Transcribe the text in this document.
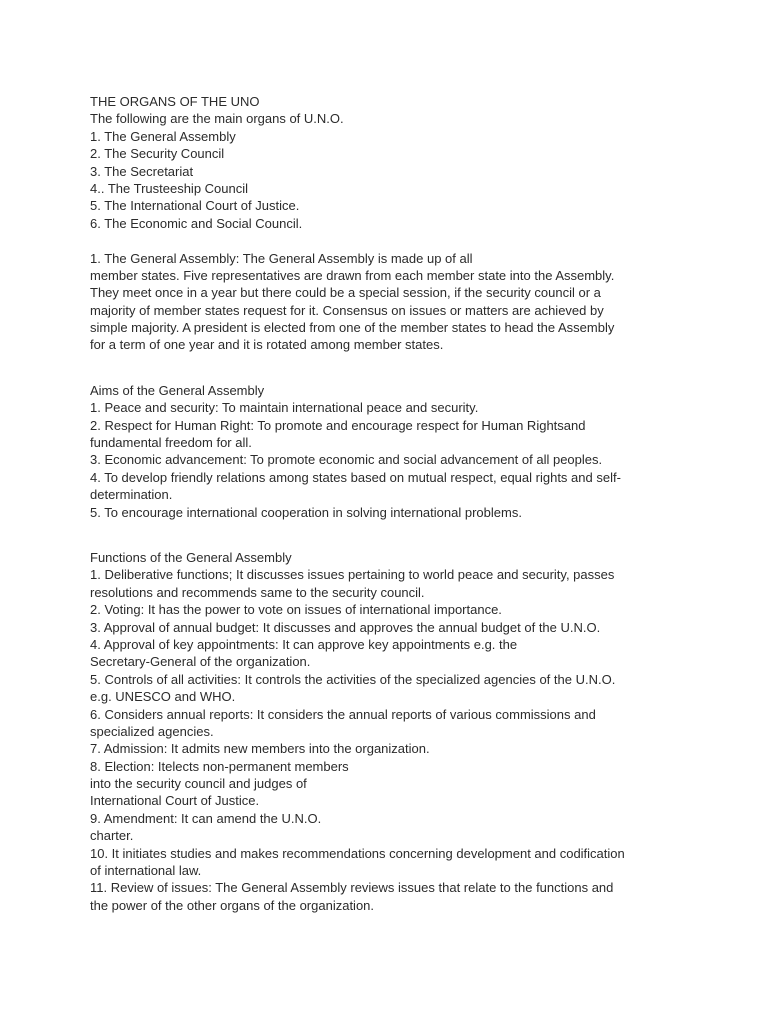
THE ORGANS OF THE UNO
The following are the main organs of U.N.O.
1. The General Assembly
2. The Security Council
3. The Secretariat
4.. The Trusteeship Council
5. The International Court of Justice.
6. The Economic and Social Council.
1. The General Assembly: The General Assembly is made up of all
member states. Five representatives are drawn from each member state into the Assembly.
They meet once in a year but there could be a special session, if the security council or a
majority of member states request for it. Consensus on issues or matters are achieved by
simple majority. A president is elected from one of the member states to head the Assembly
for a term of one year and it is rotated among member states.
Aims of the General Assembly
1. Peace and security: To maintain international peace and security.
2. Respect for Human Right: To promote and encourage respect for Human Rightsand
fundamental freedom for all.
3. Economic advancement: To promote economic and social advancement of all peoples.
4. To develop friendly relations among states based on mutual respect, equal rights and self-
determination.
5. To encourage international cooperation in solving international problems.
Functions of the General Assembly
1. Deliberative functions; It discusses issues pertaining to world peace and security, passes
resolutions and recommends same to the security council.
2. Voting: It has the power to vote on issues of international importance.
3. Approval of annual budget: It discusses and approves the annual budget of the U.N.O.
4. Approval of key appointments: It can approve key appointments e.g. the
Secretary-General of the organization.
5. Controls of all activities: It controls the activities of the specialized agencies of the U.N.O.
e.g. UNESCO and WHO.
6. Considers annual reports: It considers the annual reports of various commissions and
specialized agencies.
7. Admission: It admits new members into the organization.
8. Election: Itelects non-permanent members
into the security council and judges of
International Court of Justice.
9. Amendment: It can amend the U.N.O.
charter.
10. It initiates studies and makes recommendations concerning development and codification
of international law.
11. Review of issues: The General Assembly reviews issues that relate to the functions and
the power of the other organs of the organization.
